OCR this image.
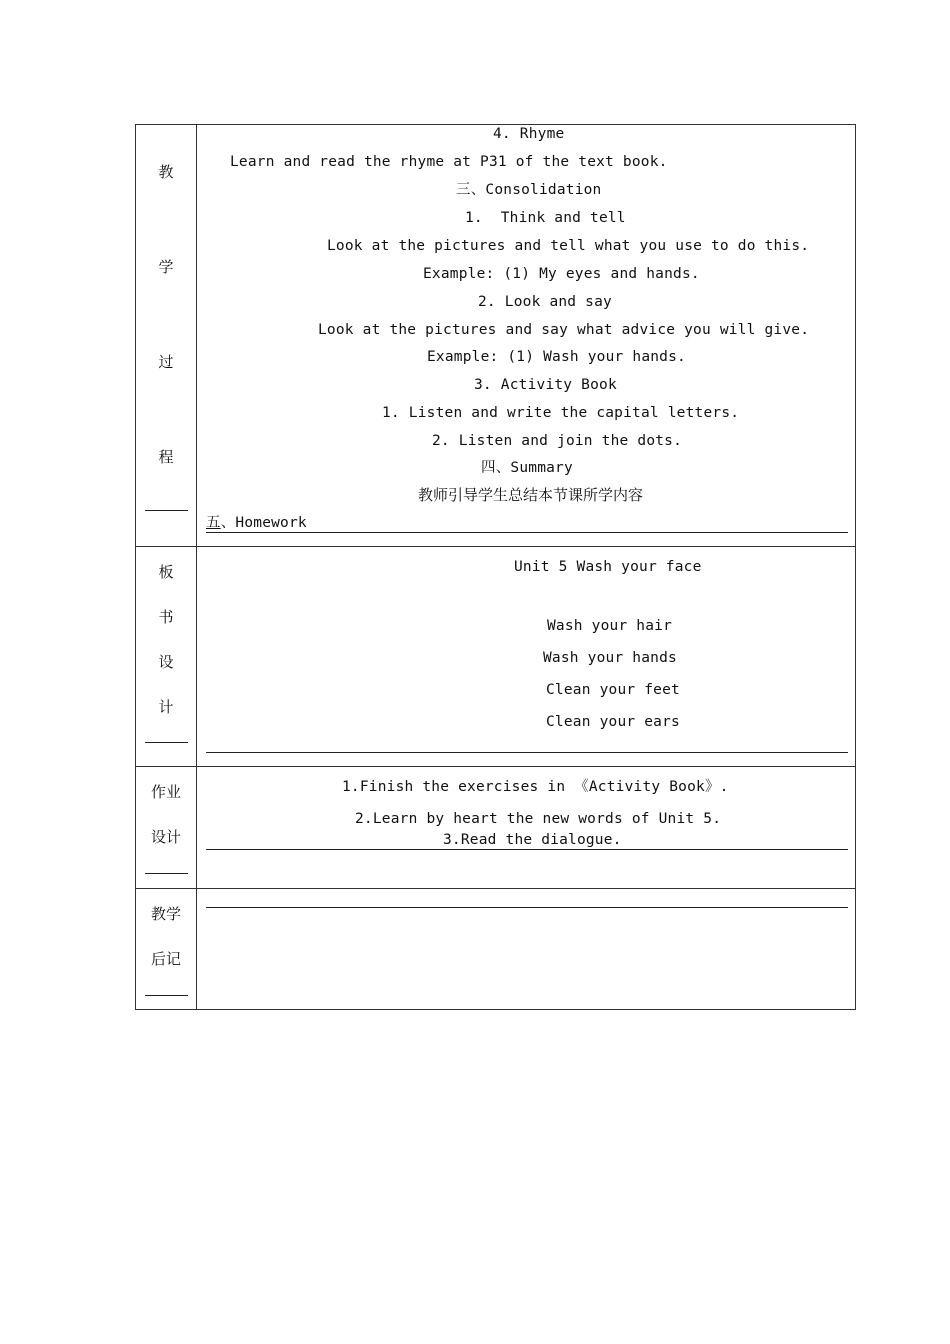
教
学
过
程
4. Rhyme
Learn and read the rhyme at P31 of the text book.
三、Consolidation
1.  Think and tell
Look at the pictures and tell what you use to do this.
Example: (1) My eyes and hands.
2. Look and say
Look at the pictures and say what advice you will give.
Example: (1) Wash your hands.
3. Activity Book
1. Listen and write the capital letters.
2. Listen and join the dots.
四、Summary
教师引导学生总结本节课所学内容
五、Homework
板
书
设
计
Unit 5 Wash your face
Wash your hair
Wash your hands
Clean your feet
Clean your ears
作业
设计
1.Finish the exercises in 《Activity Book》.
2.Learn by heart the new words of Unit 5.
3.Read the dialogue.
教学
后记
